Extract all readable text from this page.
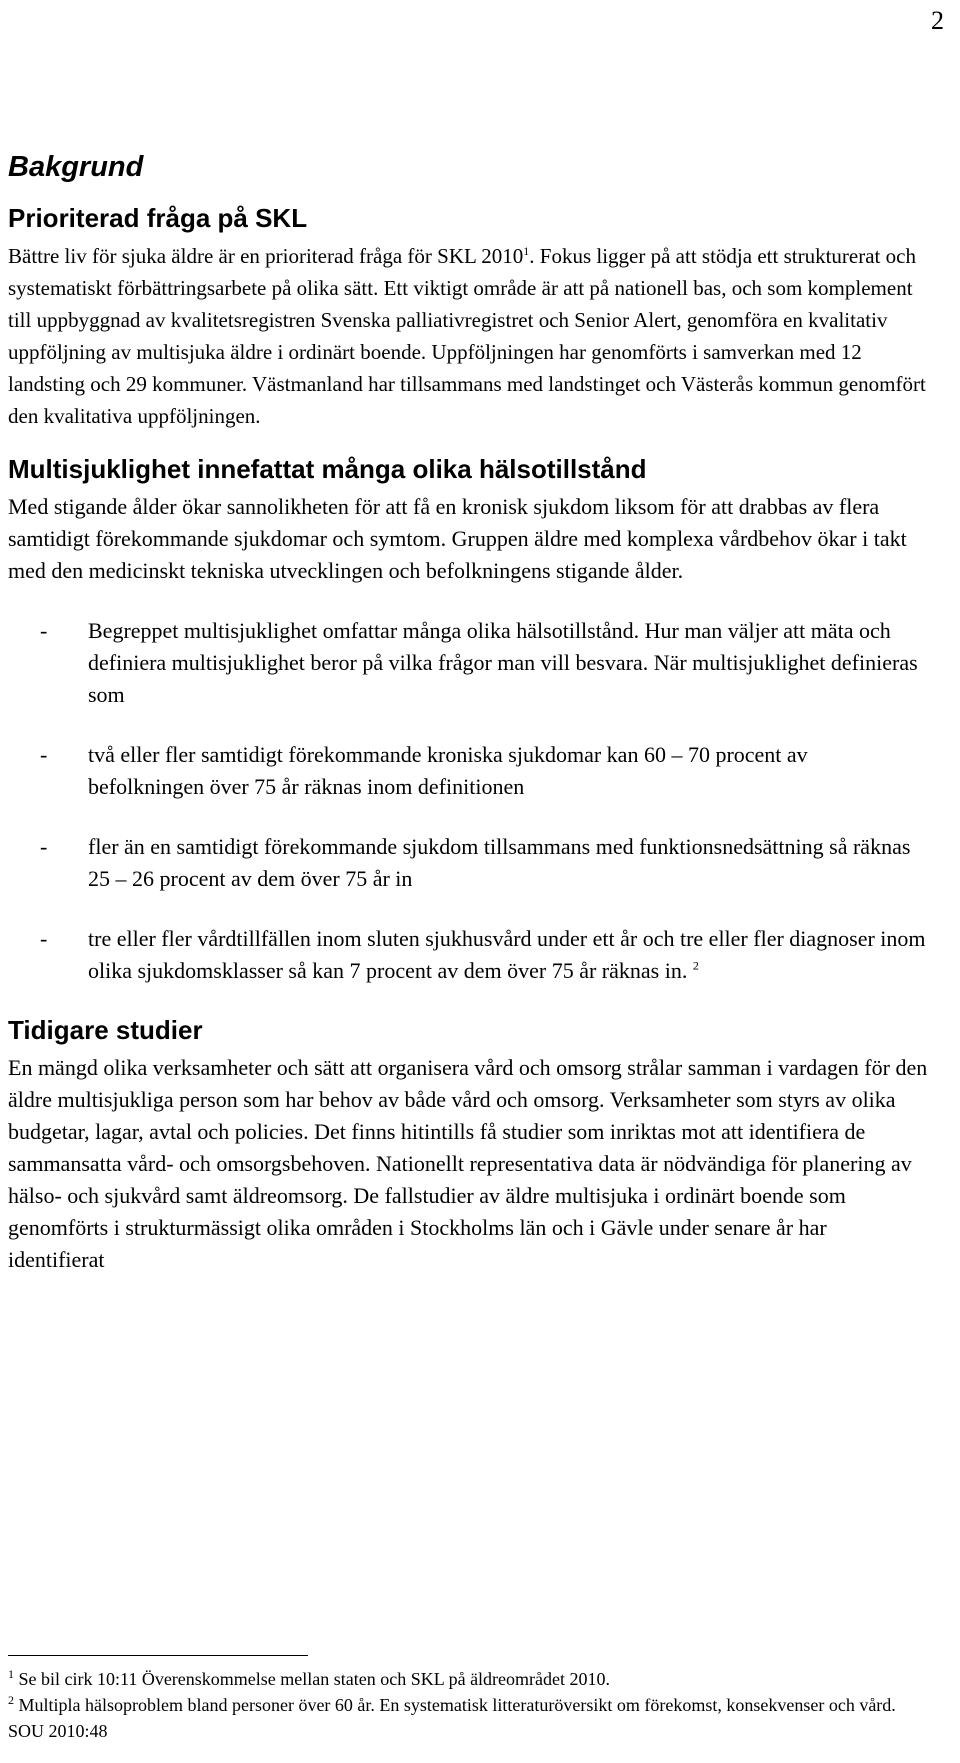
2
Bakgrund
Prioriterad fråga på SKL

Bättre liv för sjuka äldre är en prioriterad fråga för SKL 2010$^1$. Fokus ligger på att stödja ett strukturerat och systematiskt förbättringsarbete på olika sätt. Ett viktigt område är att på nationell bas, och som komplement till uppbyggnad av kvalitetsregistren Svenska palliativregistret och Senior Alert, genomföra en kvalitativ uppföljning av multisjuka äldre i ordinärt boende. Uppföljningen har genomförts i samverkan med 12 landsting och 29 kommuner. Västmanland har tillsammans med landstinget och Västerås kommun genomfört den kvalitativa uppföljningen.

Multisjuklighet innefattat många olika hälsotillstånd

Med stigande ålder ökar sannolikheten för att få en kronisk sjukdom liksom för att drabbas av flera samtidigt förekommande sjukdomar och symtom. Gruppen äldre med komplexa vårdbehov ökar i takt med den medicinskt tekniska utvecklingen och befolkningens stigande ålder.

-	Begreppet multisjuklighet omfattar många olika hälsotillstånd. Hur man väljer att mäta och definiera multisjuklighet beror på vilka frågor man vill besvara. När multisjuklighet definieras som
-	två eller fler samtidigt förekommande kroniska sjukdomar kan 60 – 70 procent av befolkningen över 75 år räknas inom definitionen
-	fler än en samtidigt förekommande sjukdom tillsammans med funktionsnedsättning så räknas 25 – 26 procent av dem över 75 år in
-	tre eller fler vårdtillfällen inom sluten sjukhusvård under ett år och tre eller fler diagnoser inom olika sjukdomsklasser så kan 7 procent av dem över 75 år räknas in. $^2$
Tidigare studier

En mängd olika verksamheter och sätt att organisera vård och omsorg strålar samman i vardagen för den äldre multisjukliga person som har behov av både vård och omsorg. Verksamheter som styrs av olika budgetar, lagar, avtal och policies. Det finns hitintills få studier som inriktas mot att identifiera de sammansatta vård- och omsorgsbehoven. Nationellt representativa data är nödvändiga för planering av hälso- och sjukvård samt äldreomsorg. De fallstudier av äldre multisjuka i ordinärt boende som genomförts i strukturmässigt olika områden i Stockholms län och i Gävle under senare år har identifierat

$^1$ Se bil cirk 10:11 Överenskommelse mellan staten och SKL på äldreområdet 2010.

$^2$ Multipla hälsoproblem bland personer över 60 år. En systematisk litteraturöversikt om förekomst, konsekvenser och vård. SOU 2010:48
